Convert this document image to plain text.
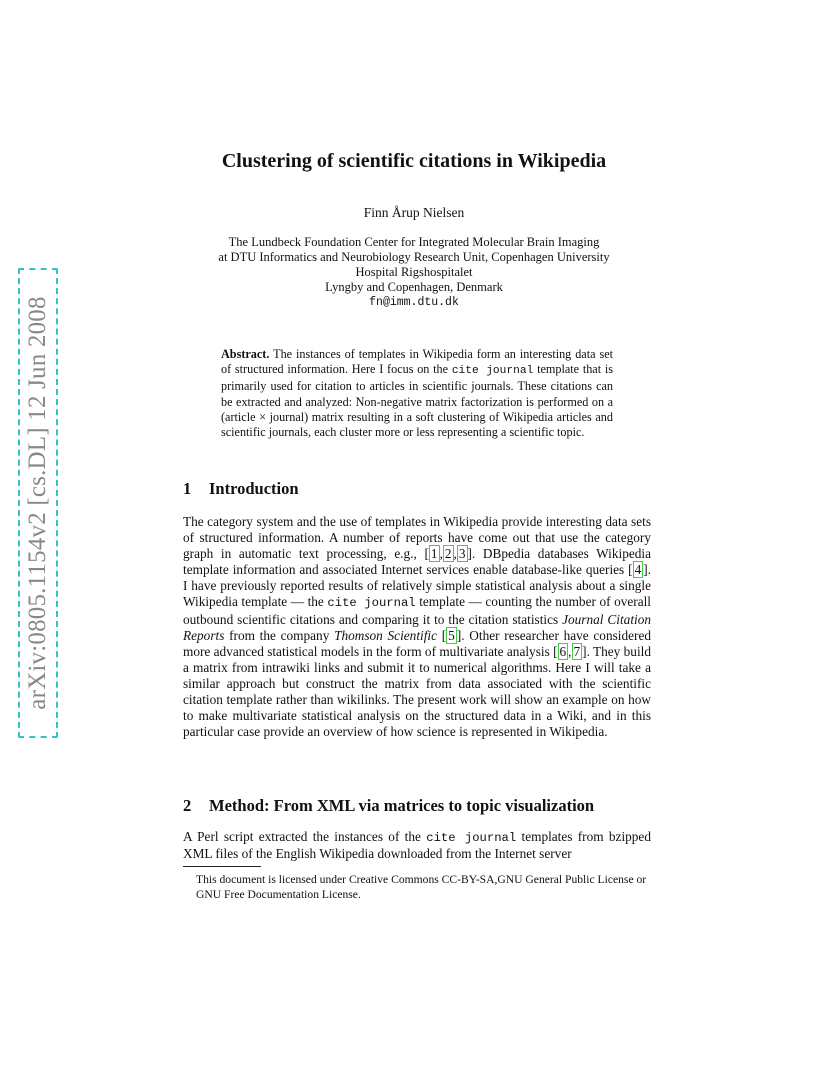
arXiv:0805.1154v2 [cs.DL] 12 Jun 2008
Clustering of scientific citations in Wikipedia
Finn Årup Nielsen
The Lundbeck Foundation Center for Integrated Molecular Brain Imaging
at DTU Informatics and Neurobiology Research Unit, Copenhagen University
Hospital Rigshospitalet
Lyngby and Copenhagen, Denmark
fn@imm.dtu.dk
Abstract. The instances of templates in Wikipedia form an interesting data set of structured information. Here I focus on the cite journal template that is primarily used for citation to articles in scientific journals. These citations can be extracted and analyzed: Non-negative matrix factorization is performed on a (article × journal) matrix resulting in a soft clustering of Wikipedia articles and scientific journals, each cluster more or less representing a scientific topic.
1 Introduction
The category system and the use of templates in Wikipedia provide interesting data sets of structured information. A number of reports have come out that use the category graph in automatic text processing, e.g., [ 1 , 2 , 3 ]. DBpedia databases Wikipedia template information and associated Internet services enable database-like queries [ 4 ]. I have previously reported results of relatively simple statistical analysis about a single Wikipedia template — the cite journal template — counting the number of overall outbound scientific citations and comparing it to the citation statistics Journal Citation Reports from the company Thomson Scientific [ 5 ]. Other researcher have considered more advanced statistical models in the form of multivariate analysis [ 6 , 7 ]. They build a matrix from intrawiki links and submit it to numerical algorithms. Here I will take a similar approach but construct the matrix from data associated with the scientific citation template rather than wikilinks. The present work will show an example on how to make multivariate statistical analysis on the structured data in a Wiki, and in this particular case provide an overview of how science is represented in Wikipedia.
2 Method: From XML via matrices to topic visualization
A Perl script extracted the instances of the cite journal templates from bzipped XML files of the English Wikipedia downloaded from the Internet server
This document is licensed under Creative Commons CC-BY-SA,GNU General Public License or GNU Free Documentation License.
